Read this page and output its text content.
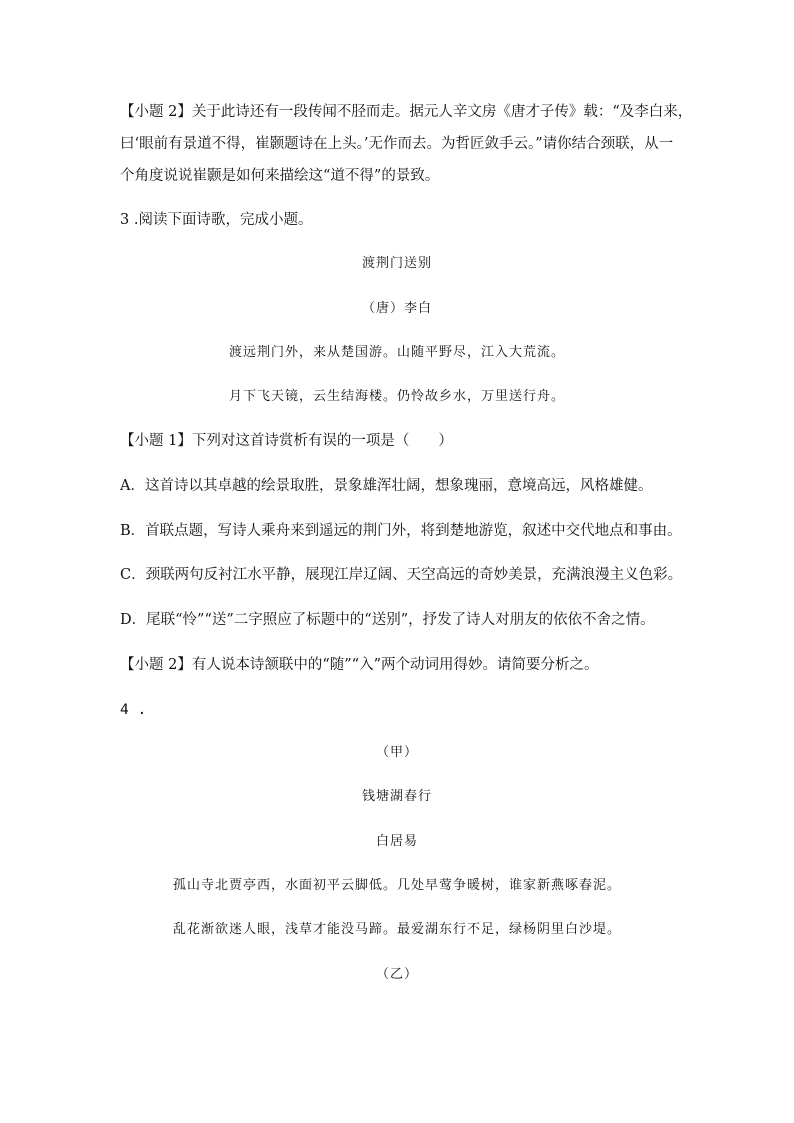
【小题 2】关于此诗还有一段传闻不胫而走。据元人辛文房《唐才子传》载：“及李白来，
曰‘眼前有景道不得，崔颢题诗在上头。’无作而去。为哲匠敛手云。”请你结合颈联，从一
个角度说说崔颢是如何来描绘这“道不得”的景致。
3 .阅读下面诗歌，完成小题。
渡荆门送别
（唐）李白
渡远荆门外，来从楚国游。山随平野尽，江入大荒流。
月下飞天镜，云生结海楼。仍怜故乡水，万里送行舟。
【小题 1】下列对这首诗赏析有误的一项是（　　）
A．这首诗以其卓越的绘景取胜，景象雄浑壮阔，想象瑰丽，意境高远，风格雄健。
B．首联点题，写诗人乘舟来到遥远的荆门外，将到楚地游览，叙述中交代地点和事由。
C．颈联两句反衬江水平静，展现江岸辽阔、天空高远的奇妙美景，充满浪漫主义色彩。
D．尾联“怜”“送”二字照应了标题中的“送别”，抒发了诗人对朋友的依依不舍之情。
【小题 2】有人说本诗颔联中的“随”“入”两个动词用得妙。请简要分析之。
4 .
（甲）
钱塘湖春行
白居易
孤山寺北贾亭西，水面初平云脚低。几处早莺争暖树，谁家新燕啄春泥。
乱花渐欲迷人眼，浅草才能没马蹄。最爱湖东行不足，绿杨阴里白沙堤。
（乙）
